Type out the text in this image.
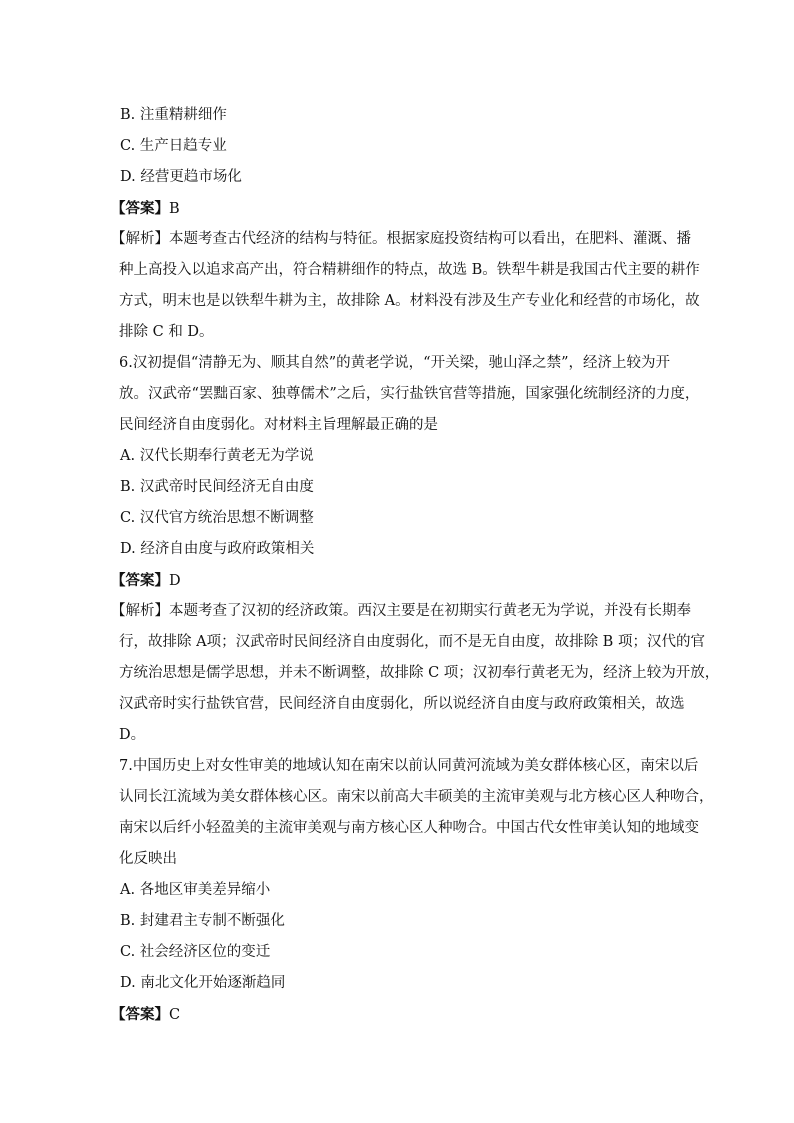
B. 注重精耕细作
C. 生产日趋专业
D. 经营更趋市场化
【答案】B
【解析】本题考查古代经济的结构与特征。根据家庭投资结构可以看出，在肥料、灌溉、播
种上高投入以追求高产出，符合精耕细作的特点，故选 B。铁犁牛耕是我国古代主要的耕作
方式，明末也是以铁犁牛耕为主，故排除 A。材料没有涉及生产专业化和经营的市场化，故
排除 C 和 D。
6.汉初提倡“清静无为、顺其自然”的黄老学说，“开关梁，驰山泽之禁”，经济上较为开
放。汉武帝“罢黜百家、独尊儒术”之后，实行盐铁官营等措施，国家强化统制经济的力度，
民间经济自由度弱化。对材料主旨理解最正确的是
A. 汉代长期奉行黄老无为学说
B. 汉武帝时民间经济无自由度
C. 汉代官方统治思想不断调整
D. 经济自由度与政府政策相关
【答案】D
【解析】本题考查了汉初的经济政策。西汉主要是在初期实行黄老无为学说，并没有长期奉
行，故排除 A项；汉武帝时民间经济自由度弱化，而不是无自由度，故排除 B 项；汉代的官
方统治思想是儒学思想，并未不断调整，故排除 C 项；汉初奉行黄老无为，经济上较为开放，
汉武帝时实行盐铁官营，民间经济自由度弱化，所以说经济自由度与政府政策相关，故选
D。
7.中国历史上对女性审美的地域认知在南宋以前认同黄河流域为美女群体核心区，南宋以后
认同长江流域为美女群体核心区。南宋以前高大丰硕美的主流审美观与北方核心区人种吻合，
南宋以后纤小轻盈美的主流审美观与南方核心区人种吻合。中国古代女性审美认知的地域变
化反映出
A. 各地区审美差异缩小
B. 封建君主专制不断强化
C. 社会经济区位的变迁
D. 南北文化开始逐渐趋同
【答案】C
